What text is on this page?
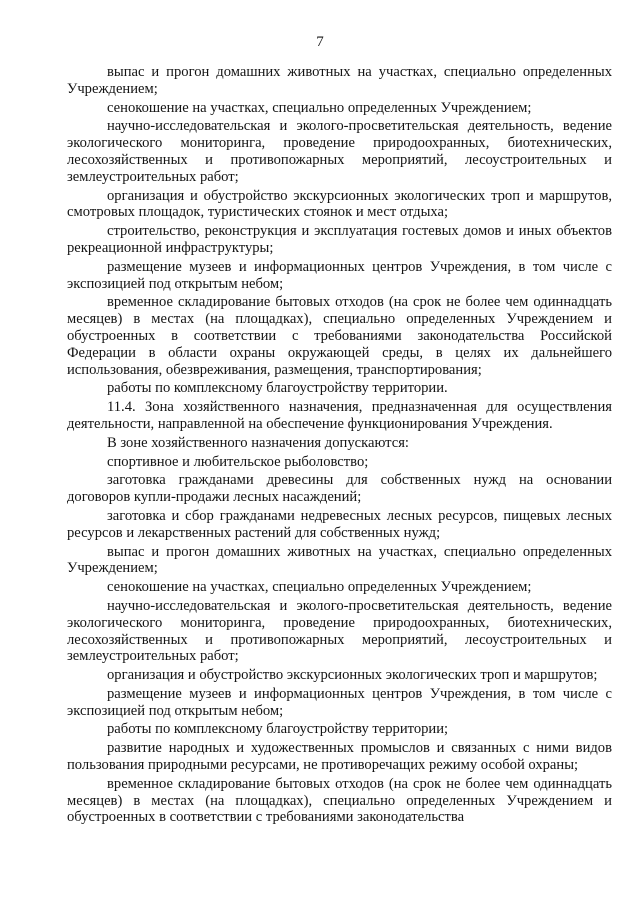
7

выпас и прогон домашних животных на участках, специально определенных Учреждением;

сенокошение на участках, специально определенных Учреждением;

научно-исследовательская и эколого-просветительская деятельность, ведение экологического мониторинга, проведение природоохранных, биотехнических, лесохозяйственных и противопожарных мероприятий, лесоустроительных и землеустроительных работ;

организация и обустройство экскурсионных экологических троп и маршрутов, смотровых площадок, туристических стоянок и мест отдыха;

строительство, реконструкция и эксплуатация гостевых домов и иных объектов рекреационной инфраструктуры;

размещение музеев и информационных центров Учреждения, в том числе с экспозицией под открытым небом;

временное складирование бытовых отходов (на срок не более чем одиннадцать месяцев) в местах (на площадках), специально определенных Учреждением и обустроенных в соответствии с требованиями законодательства Российской Федерации в области охраны окружающей среды, в целях их дальнейшего использования, обезвреживания, размещения, транспортирования;

работы по комплексному благоустройству территории.

11.4. Зона хозяйственного назначения, предназначенная для осуществления деятельности, направленной на обеспечение функционирования Учреждения.

В зоне хозяйственного назначения допускаются:

спортивное и любительское рыболовство;

заготовка гражданами древесины для собственных нужд на основании договоров купли-продажи лесных насаждений;

заготовка и сбор гражданами недревесных лесных ресурсов, пищевых лесных ресурсов и лекарственных растений для собственных нужд;

выпас и прогон домашних животных на участках, специально определенных Учреждением;

сенокошение на участках, специально определенных Учреждением;

научно-исследовательская и эколого-просветительская деятельность, ведение экологического мониторинга, проведение природоохранных, биотехнических, лесохозяйственных и противопожарных мероприятий, лесоустроительных и землеустроительных работ;

организация и обустройство экскурсионных экологических троп и маршрутов;

размещение музеев и информационных центров Учреждения, в том числе с экспозицией под открытым небом;

работы по комплексному благоустройству территории;

развитие народных и художественных промыслов и связанных с ними видов пользования природными ресурсами, не противоречащих режиму особой охраны;

временное складирование бытовых отходов (на срок не более чем одиннадцать месяцев) в местах (на площадках), специально определенных Учреждением и обустроенных в соответствии с требованиями законодательства
